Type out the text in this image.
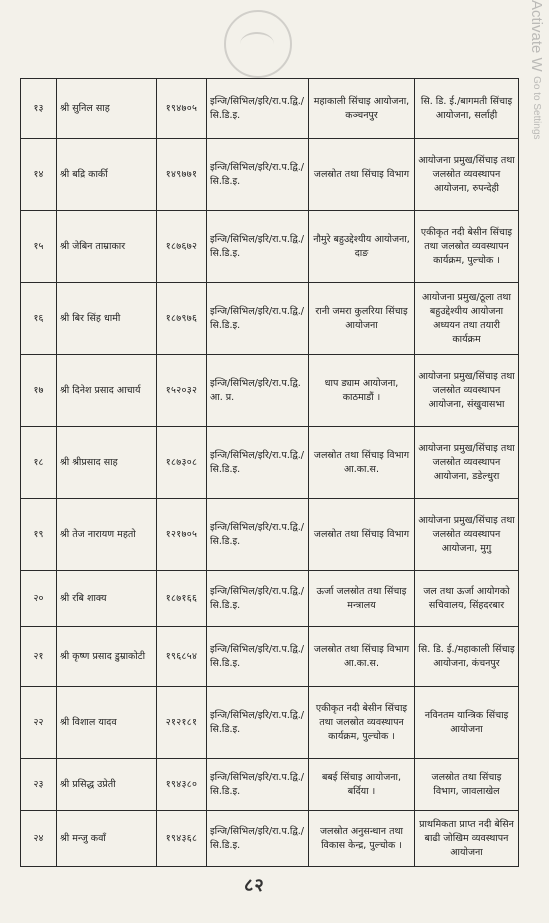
Activate W Go to Settings
१३	श्री सुनिल साह	१९४७०५	इन्जि/सिभिल/इरि/रा.प.द्वि./सि.डि.इ.	महाकाली सिंचाइ आयोजना, कञ्चनपुर	सि. डि. ई./बागमती सिंचाइ आयोजना, सर्लाही
१४	श्री बद्रि कार्की	१४९७७१	इन्जि/सिभिल/इरि/रा.प.द्वि./सि.डि.इ.	जलस्रोत तथा सिंचाइ विभाग	आयोजना प्रमुख/सिंचाइ तथा जलस्रोत व्यवस्थापन आयोजना, रुपन्देही
१५	श्री जेबिन ताम्राकार	१८७६७२	इन्जि/सिभिल/इरि/रा.प.द्वि./सि.डि.इ.	नौमुरे बहुउद्देश्यीय आयोजना, दाङ	एकीकृत नदी बेसीन सिंचाइ तथा जलस्रोत व्यवस्थापन कार्यक्रम, पुल्चोक ।
१६	श्री बिर सिंह धामी	१८७९७६	इन्जि/सिभिल/इरि/रा.प.द्वि./सि.डि.इ.	रानी जमरा कुलरिया सिंचाइ आयोजना	आयोजना प्रमुख/ठूला तथा बहुउद्देश्यीय आयोजना अध्ययन तथा तयारी कार्यक्रम
१७	श्री दिनेश प्रसाद आचार्य	१५२०३२	इन्जि/सिभिल/इरि/रा.प.द्वि. आ. प्र.	धाप ड्याम आयोजना, काठमाडौं ।	आयोजना प्रमुख/सिंचाइ तथा जलस्रोत व्यवस्थापन आयोजना, संखुवासभा
१८	श्री श्रीप्रसाद साह	१८७३०८	इन्जि/सिभिल/इरि/रा.प.द्वि./सि.डि.इ.	जलस्रोत तथा सिंचाइ विभाग आ.का.स.	आयोजना प्रमुख/सिंचाइ तथा जलस्रोत व्यवस्थापन आयोजना, डडेल्धुरा
१९	श्री तेज नारायण महतो	१२१७०५	इन्जि/सिभिल/इरि/रा.प.द्वि./सि.डि.इ.	जलस्रोत तथा सिंचाइ विभाग	आयोजना प्रमुख/सिंचाइ तथा जलस्रोत व्यवस्थापन आयोजना, मुगु
२०	श्री रबि शाक्य	१८७१६६	इन्जि/सिभिल/इरि/रा.प.द्वि./सि.डि.इ.	ऊर्जा जलस्रोत तथा सिंचाइ मन्त्रालय	जल तथा ऊर्जा आयोगको सचिवालय, सिंहदरबार
२१	श्री कृष्ण प्रसाद डुम्राकोटी	१९६८५४	इन्जि/सिभिल/इरि/रा.प.द्वि./सि.डि.इ.	जलस्रोत तथा सिंचाइ विभाग आ.का.स.	सि. डि. ई./महाकाली सिंचाइ आयोजना, कंचनपुर
२२	श्री विशाल यादव	२१२१८१	इन्जि/सिभिल/इरि/रा.प.द्वि./सि.डि.इ.	एकीकृत नदी बेसीन सिंचाइ तथा जलस्रोत व्यवस्थापन कार्यक्रम, पुल्चोक ।	नविनतम यान्त्रिक सिंचाइ आयोजना
२३	श्री प्रसिद्ध उप्रेती	१९४३८०	इन्जि/सिभिल/इरि/रा.प.द्वि./सि.डि.इ.	बबई सिंचाइ आयोजना, बर्दिया ।	जलस्रोत तथा सिंचाइ विभाग, जावलाखेल
२४	श्री मन्जु कवाँ	१९४३६८	इन्जि/सिभिल/इरि/रा.प.द्वि./सि.डि.इ.	जलस्रोत अनुसन्धान तथा विकास केन्द्र, पुल्चोक ।	प्राथमिकता प्राप्त नदी बेसिन बाढी जोखिम व्यवस्थापन आयोजना
८२
